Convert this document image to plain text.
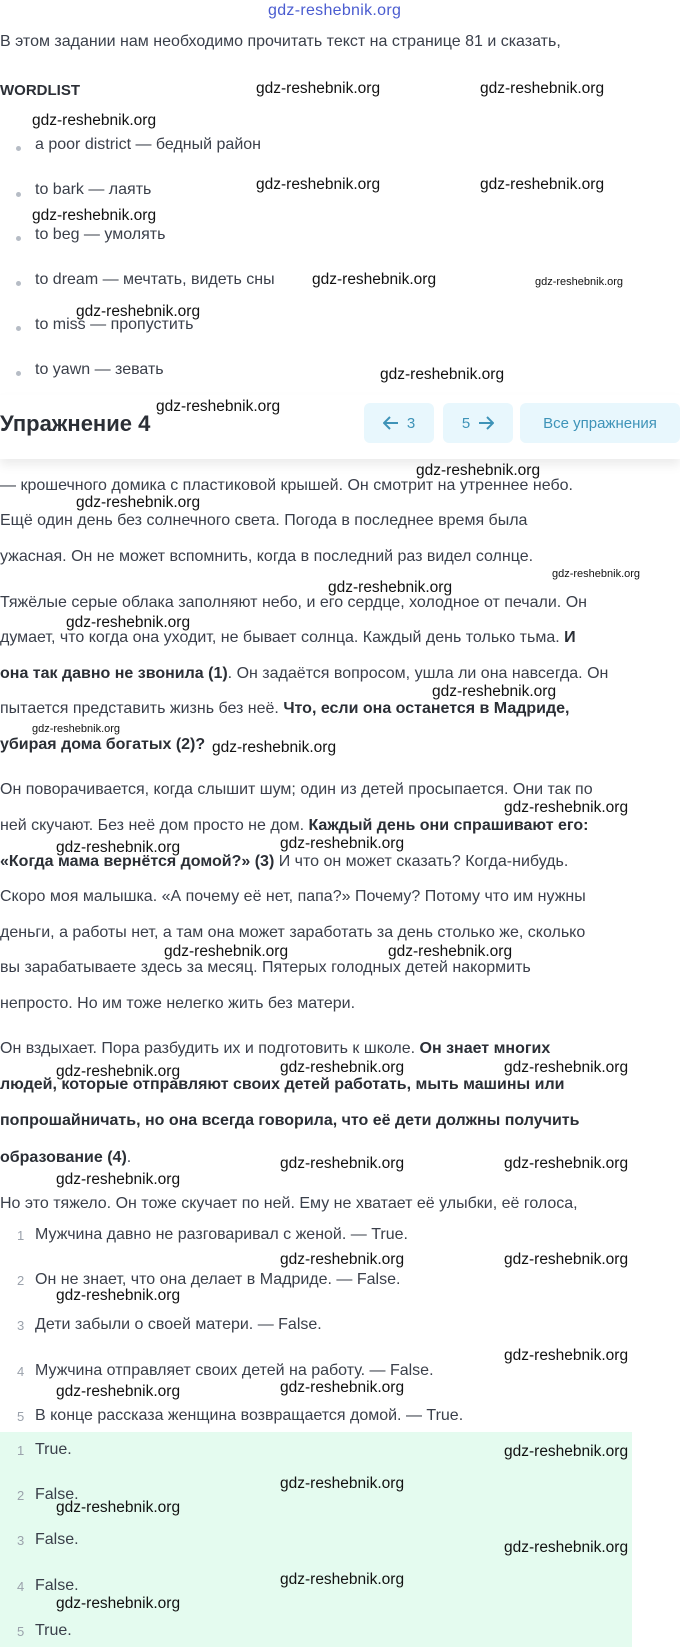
gdz-reshebnik.org
В этом задании нам необходимо прочитать текст на странице 81 и сказать,
WORDLIST
a poor district — бедный район
to bark — лаять
to beg — умолять
to dream — мечтать, видеть сны
to miss — пропустить
to yawn — зевать
Упражнение 4	3	5	Все упражнения
— крошечного домика с пластиковой крышей. Он смотрит на утреннее небо.
Ещё один день без солнечного света. Погода в последнее время была
ужасная. Он не может вспомнить, когда в последний раз видел солнце.
Тяжёлые серые облака заполняют небо, и его сердце, холодное от печали. Он
думает, что когда она уходит, не бывает солнца. Каждый день только тьма. И
она так давно не звонила (1). Он задаётся вопросом, ушла ли она навсегда. Он
пытается представить жизнь без неё. Что, если она останется в Мадриде,
убирая дома богатых (2)?
Он поворачивается, когда слышит шум; один из детей просыпается. Они так по
ней скучают. Без неё дом просто не дом. Каждый день они спрашивают его:
«Когда мама вернётся домой?» (3) И что он может сказать? Когда-нибудь.
Скоро моя малышка. «А почему её нет, папа?» Почему? Потому что им нужны
деньги, а работы нет, а там она может заработать за день столько же, сколько
вы зарабатываете здесь за месяц. Пятерых голодных детей накормить
непросто. Но им тоже нелегко жить без матери.
Он вздыхает. Пора разбудить их и подготовить к школе. Он знает многих
людей, которые отправляют своих детей работать, мыть машины или
попрошайничать, но она всегда говорила, что её дети должны получить
образование (4).
Но это тяжело. Он тоже скучает по ней. Ему не хватает её улыбки, её голоса,
1 Мужчина давно не разговаривал с женой. — True.
2 Он не знает, что она делает в Мадриде. — False.
3 Дети забыли о своей матери. — False.
4 Мужчина отправляет своих детей на работу. — False.
5 В конце рассказа женщина возвращается домой. — True.
1 True.
2 False.
3 False.
4 False.
5 True.
gdz-reshebnik.org	gdz-reshebnik.org
gdz-reshebnik.org
gdz-reshebnik.org	gdz-reshebnik.org
gdz-reshebnik.org
gdz-reshebnik.org	gdz-reshebnik.org
gdz-reshebnik.org
gdz-reshebnik.org
gdz-reshebnik.org
gdz-reshebnik.org
gdz-reshebnik.org
gdz-reshebnik.org
gdz-reshebnik.org
gdz-reshebnik.org
gdz-reshebnik.org
gdz-reshebnik.org
gdz-reshebnik.org
gdz-reshebnik.org
gdz-reshebnik.org
gdz-reshebnik.org
gdz-reshebnik.org	gdz-reshebnik.org
gdz-reshebnik.org	gdz-reshebnik.org
gdz-reshebnik.org
gdz-reshebnik.org	gdz-reshebnik.org
gdz-reshebnik.org
gdz-reshebnik.org	gdz-reshebnik.org
gdz-reshebnik.org
gdz-reshebnik.org
gdz-reshebnik.org
gdz-reshebnik.org
gdz-reshebnik.org
gdz-reshebnik.org
gdz-reshebnik.org
gdz-reshebnik.org
gdz-reshebnik.org
gdz-reshebnik.org
